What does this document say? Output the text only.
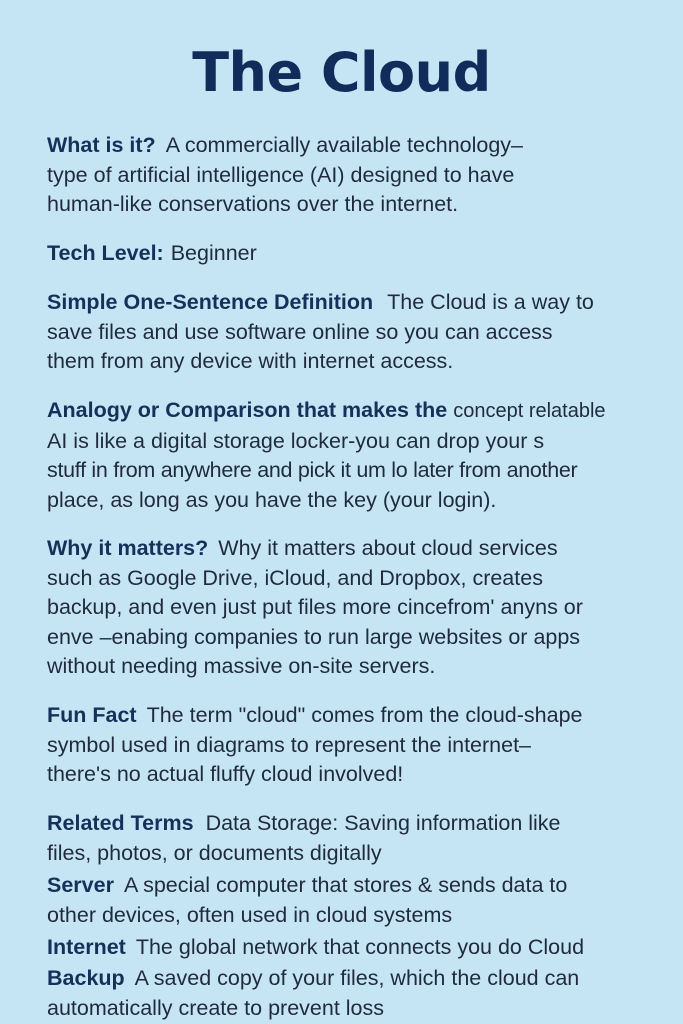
The Cloud
What is it? A commercially available technology–
type of artificial intelligence (AI) designed to have
human-like conservations over the internet.
Tech Level: Beginner
Simple One-Sentence Definition The Cloud is a way to
save files and use software online so you can access
them from any device with internet access.
Analogy or Comparison that makes the concept relatable
AI is like a digital storage locker-you can drop your s
stuff in from anywhere and pick it um lo later from another
place, as long as you have the key (your login).
Why it matters? Why it matters about cloud services
such as Google Drive, iCloud, and Dropbox, creates
backup, and even just put files more cincefrom' anyns or
enve –enabing companies to run large websites or apps
without needing massive on-site servers.
Fun Fact The term "cloud" comes from the cloud-shape
symbol used in diagrams to represent the internet–
there's no actual fluffy cloud involved!
Related Terms Data Storage: Saving information like
files, photos, or documents digitally
Server A special computer that stores & sends data to
other devices, often used in cloud systems
Internet The global network that connects you do Cloud
Backup A saved copy of your files, which the cloud can
automatically create to prevent loss
